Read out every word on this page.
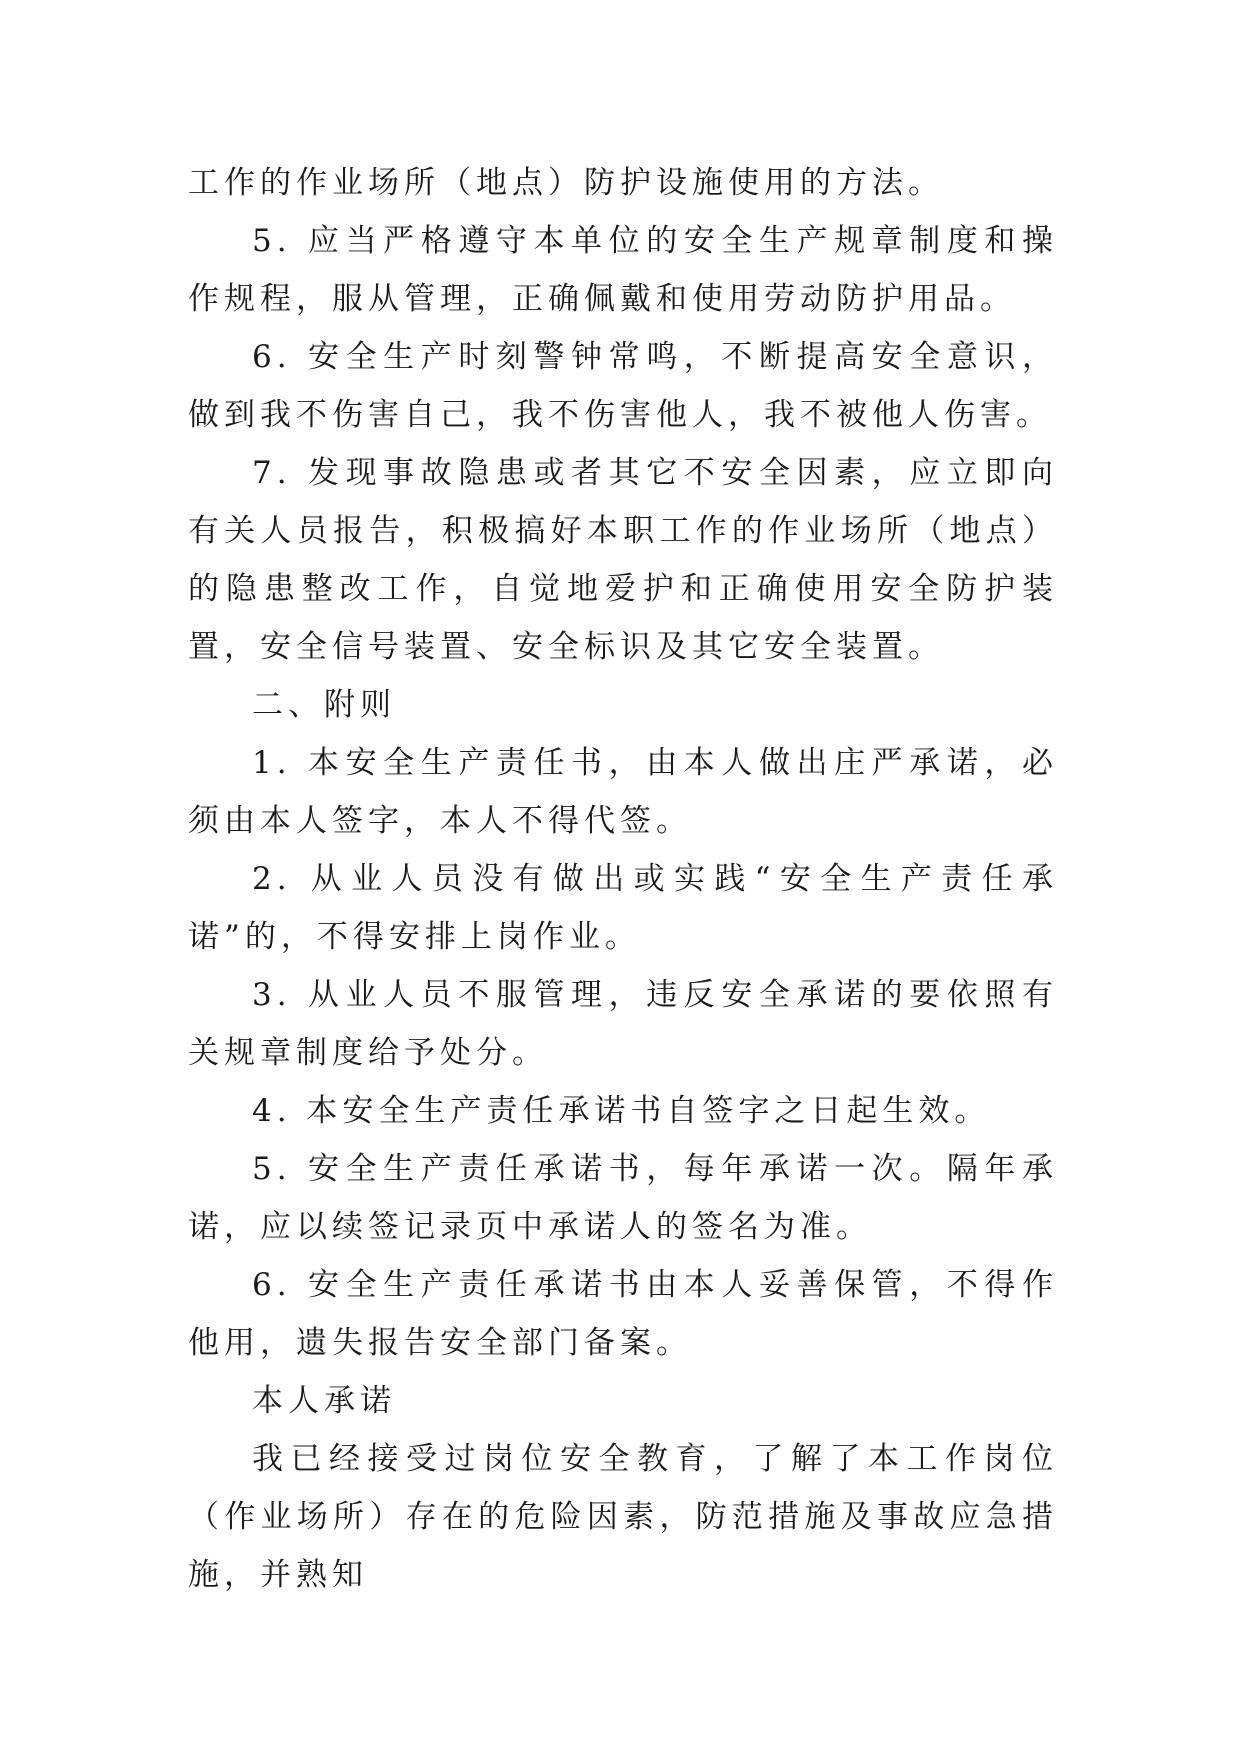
工作的作业场所（地点）防护设施使用的方法。

5. 应当严格遵守本单位的安全生产规章制度和操作规程，服从管理，正确佩戴和使用劳动防护用品。

6. 安全生产时刻警钟常鸣，不断提高安全意识，做到我不伤害自己，我不伤害他人，我不被他人伤害。

7. 发现事故隐患或者其它不安全因素，应立即向有关人员报告，积极搞好本职工作的作业场所（地点）的隐患整改工作，自觉地爱护和正确使用安全防护装置，安全信号装置、安全标识及其它安全装置。

二、附则

1. 本安全生产责任书，由本人做出庄严承诺，必须由本人签字，本人不得代签。

2. 从业人员没有做出或实践“安全生产责任承诺”的，不得安排上岗作业。

3. 从业人员不服管理，违反安全承诺的要依照有关规章制度给予处分。

4. 本安全生产责任承诺书自签字之日起生效。

5. 安全生产责任承诺书，每年承诺一次。隔年承诺，应以续签记录页中承诺人的签名为准。

6. 安全生产责任承诺书由本人妥善保管，不得作他用，遗失报告安全部门备案。

本人承诺

我已经接受过岗位安全教育，了解了本工作岗位（作业场所）存在的危险因素，防范措施及事故应急措施，并熟知
